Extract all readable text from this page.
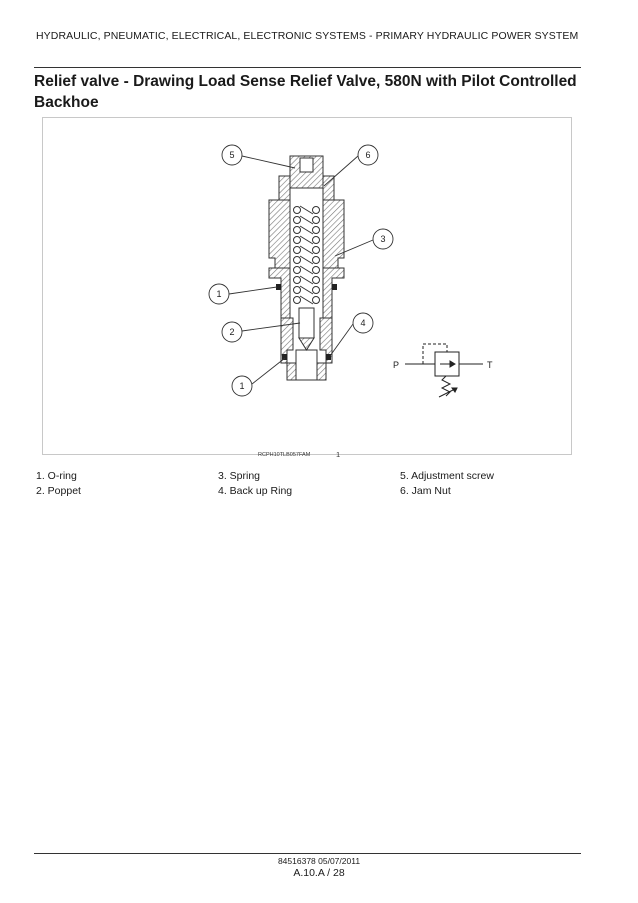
HYDRAULIC, PNEUMATIC, ELECTRICAL, ELECTRONIC SYSTEMS - PRIMARY HYDRAULIC POWER SYSTEM
Relief valve - Drawing Load Sense Relief Valve, 580N with Pilot Controlled Backhoe
5	6
3
1
2
4
1
P	T
RCPH10TLB057FAM	1
1. O-ring
2. Poppet
3. Spring
4. Back up Ring
5. Adjustment screw
6. Jam Nut
84516378 05/07/2011
A.10.A / 28
